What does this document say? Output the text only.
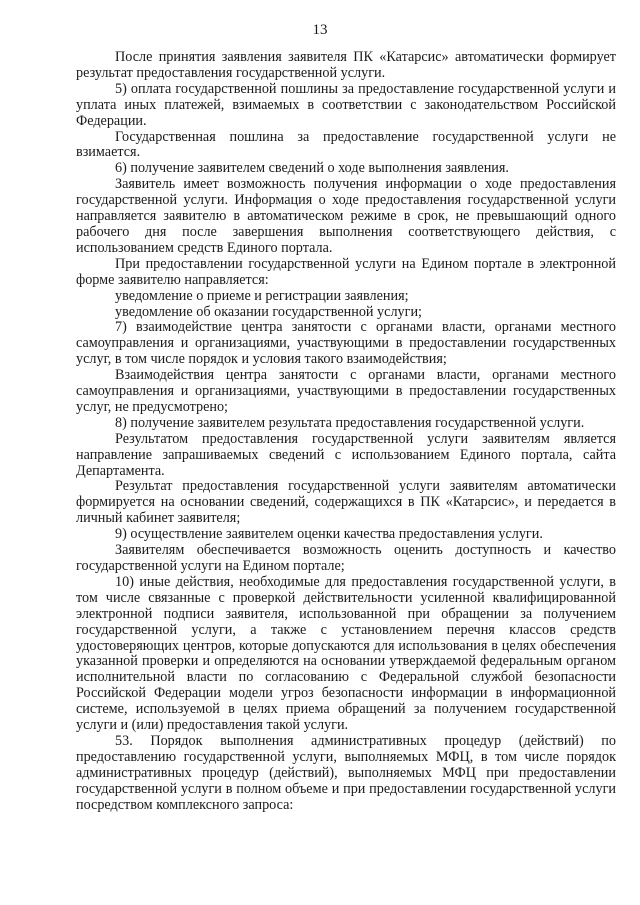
13

После принятия заявления заявителя ПК «Катарсис» автоматически формирует результат предоставления государственной услуги.

5) оплата государственной пошлины за предоставление государственной услуги и уплата иных платежей, взимаемых в соответствии с законодательством Российской Федерации.

Государственная пошлина за предоставление государственной услуги не взимается.

6) получение заявителем сведений о ходе выполнения заявления.

Заявитель имеет возможность получения информации о ходе предоставления государственной услуги. Информация о ходе предоставления государственной услуги направляется заявителю в автоматическом режиме в срок, не превышающий одного рабочего дня после завершения выполнения соответствующего действия, с использованием средств Единого портала.

При предоставлении государственной услуги на Едином портале в электронной форме заявителю направляется:

уведомление о приеме и регистрации заявления;

уведомление об оказании государственной услуги;

7) взаимодействие центра занятости с органами власти, органами местного самоуправления и организациями, участвующими в предоставлении государственных услуг, в том числе порядок и условия такого взаимодействия;

Взаимодействия центра занятости с органами власти, органами местного самоуправления и организациями, участвующими в предоставлении государственных услуг, не предусмотрено;

8) получение заявителем результата предоставления государственной услуги.

Результатом предоставления государственной услуги заявителям является направление запрашиваемых сведений с использованием Единого портала, сайта Департамента.

Результат предоставления государственной услуги заявителям автоматически формируется на основании сведений, содержащихся в ПК «Катарсис», и передается в личный кабинет заявителя;

9) осуществление заявителем оценки качества предоставления услуги.

Заявителям обеспечивается возможность оценить доступность и качество государственной услуги на Едином портале;

10) иные действия, необходимые для предоставления государственной услуги, в том числе связанные с проверкой действительности усиленной квалифицированной электронной подписи заявителя, использованной при обращении за получением государственной услуги, а также с установлением перечня классов средств удостоверяющих центров, которые допускаются для использования в целях обеспечения указанной проверки и определяются на основании утверждаемой федеральным органом исполнительной власти по согласованию с Федеральной службой безопасности Российской Федерации модели угроз безопасности информации в информационной системе, используемой в целях приема обращений за получением государственной услуги и (или) предоставления такой услуги.

53. Порядок выполнения административных процедур (действий) по предоставлению государственной услуги, выполняемых МФЦ, в том числе порядок административных процедур (действий), выполняемых МФЦ при предоставлении государственной услуги в полном объеме и при предоставлении государственной услуги посредством комплексного запроса:
